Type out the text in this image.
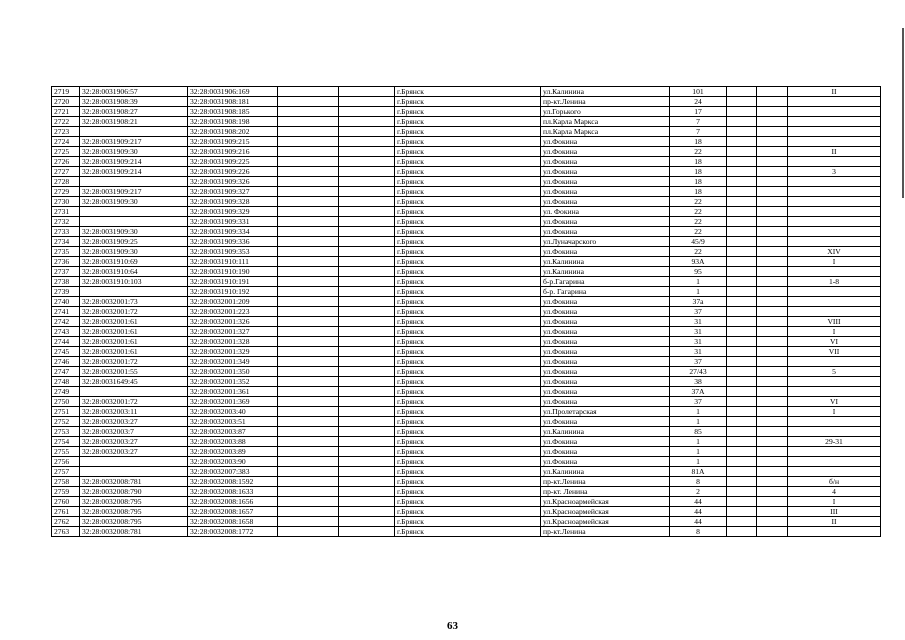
2719	32:28:0031906:57	32:28:0031906:169			г.Брянск	ул.Калинина	101			II
2720	32:28:0031908:39	32:28:0031908:181			г.Брянск	пр-кт.Ленина	24			
2721	32:28:0031908:27	32:28:0031908:185			г.Брянск	ул.Горького	17			
2722	32:28:0031908:21	32:28:0031908:198			г.Брянск	пл.Карла Маркса	7			
2723		32:28:0031908:202			г.Брянск	пл.Карла Маркса	7			
2724	32:28:0031909:217	32:28:0031909:215			г.Брянск	ул.Фокина	18			
2725	32:28:0031909:30	32:28:0031909:216			г.Брянск	ул.Фокина	22			II
2726	32:28:0031909:214	32:28:0031909:225			г.Брянск	ул.Фокина	18			
2727	32:28:0031909:214	32:28:0031909:226			г.Брянск	ул.Фокина	18			3
2728		32:28:0031909:326			г.Брянск	ул.Фокина	18			
2729	32:28:0031909:217	32:28:0031909:327			г.Брянск	ул.Фокина	18			
2730	32:28:0031909:30	32:28:0031909:328			г.Брянск	ул.Фокина	22			
2731		32:28:0031909:329			г.Брянск	ул. Фокина	22			
2732		32:28:0031909:331			г.Брянск	ул.Фокина	22			
2733	32:28:0031909:30	32:28:0031909:334			г.Брянск	ул.Фокина	22			
2734	32:28:0031909:25	32:28:0031909:336			г.Брянск	ул.Луначарского	45/9			
2735	32:28:0031909:30	32:28:0031909:353			г.Брянск	ул.Фокина	22			XIV
2736	32:28:0031910:69	32:28:0031910:111			г.Брянск	ул.Калинина	93А			I
2737	32:28:0031910:64	32:28:0031910:190			г.Брянск	ул.Калинина	95			
2738	32:28:0031910:103	32:28:0031910:191			г.Брянск	б-р.Гагарина	1			1-8
2739		32:28:0031910:192			г.Брянск	б-р. Гагарина	1			
2740	32:28:0032001:73	32:28:0032001:209			г.Брянск	ул.Фокина	37а			
2741	32:28:0032001:72	32:28:0032001:223			г.Брянск	ул.Фокина	37			
2742	32:28:0032001:61	32:28:0032001:326			г.Брянск	ул.Фокина	31			VIII
2743	32:28:0032001:61	32:28:0032001:327			г.Брянск	ул.Фокина	31			I
2744	32:28:0032001:61	32:28:0032001:328			г.Брянск	ул.Фокина	31			VI
2745	32:28:0032001:61	32:28:0032001:329			г.Брянск	ул.Фокина	31			VII
2746	32:28:0032001:72	32:28:0032001:349			г.Брянск	ул.Фокина	37			
2747	32:28:0032001:55	32:28:0032001:350			г.Брянск	ул.Фокина	27/43			5
2748	32:28:0031649:45	32:28:0032001:352			г.Брянск	ул.Фокина	38			
2749		32:28:0032001:361			г.Брянск	ул.Фокина	37А			
2750	32:28:0032001:72	32:28:0032001:369			г.Брянск	ул.Фокина	37			VI
2751	32:28:0032003:11	32:28:0032003:40			г.Брянск	ул.Пролетарская	1			I
2752	32:28:0032003:27	32:28:0032003:51			г.Брянск	ул.Фокина	1			
2753	32:28:0032003:7	32:28:0032003:87			г.Брянск	ул.Калинина	85			
2754	32:28:0032003:27	32:28:0032003:88			г.Брянск	ул.Фокина	1			29-31
2755	32:28:0032003:27	32:28:0032003:89			г.Брянск	ул.Фокина	1			
2756		32:28:0032003:90			г.Брянск	ул.Фокина	1			
2757		32:28:0032007:383			г.Брянск	ул.Калинина	81А			
2758	32:28:0032008:781	32:28:0032008:1592			г.Брянск	пр-кт.Ленина	8			б/н
2759	32:28:0032008:790	32:28:0032008:1633			г.Брянск	пр-кт. Ленина	2			4
2760	32:28:0032008:795	32:28:0032008:1656			г.Брянск	ул.Красноармейская	44			I
2761	32:28:0032008:795	32:28:0032008:1657			г.Брянск	ул.Красноармейская	44			III
2762	32:28:0032008:795	32:28:0032008:1658			г.Брянск	ул.Красноармейская	44			II
2763	32:28:0032008:781	32:28:0032008:1772			г.Брянск	пр-кт.Ленина	8			
63
